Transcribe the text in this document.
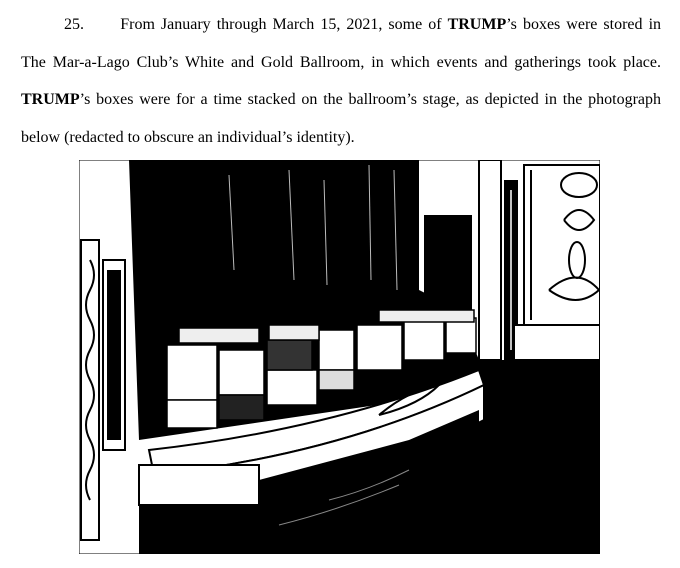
25. From January through March 15, 2021, some of TRUMP’s boxes were stored in
The Mar-a-Lago Club’s White and Gold Ballroom, in which events and gatherings took place.
TRUMP’s boxes were for a time stacked on the ballroom’s stage, as depicted in the photograph
below (redacted to obscure an individual’s identity).
